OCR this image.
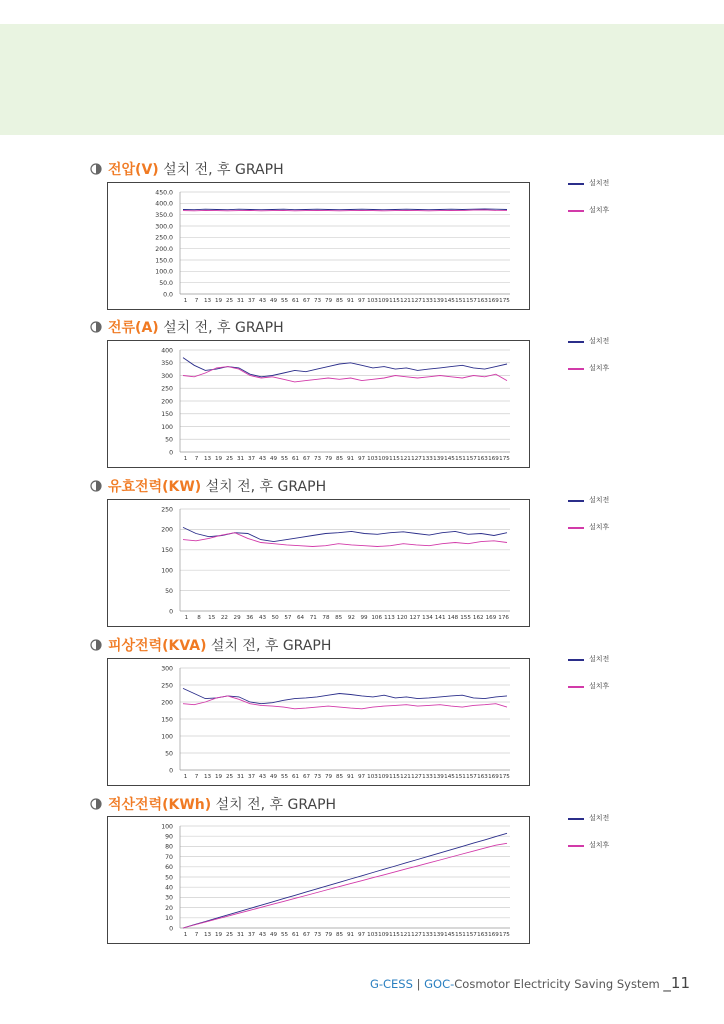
전압(V) 설치 전, 후 GRAPH
전류(A) 설치 전, 후 GRAPH
유효전력(KW) 설치 전, 후 GRAPH
피상전력(KVA) 설치 전, 후 GRAPH
적산전력(KWh) 설치 전, 후 GRAPH
0.0
50.0
100.0
150.0
200.0
250.0
300.0
350.0
400.0
450.0
1 7 13 19 25 31 37 43 49 55 61 67 73 79 85 91 97 103 109 115 121 127 133 139 145 151 157 163 169 175
0
50
100
150
200
250
300
350
400
1 7 13 19 25 31 37 43 49 55 61 67 73 79 85 91 97 103 109 115 121 127 133 139 145 151 157 163 169 175
0
50
100
150
200
250
1 8 15 22 29 36 43 50 57 64 71 78 85 92 99 106 113 120 127 134 141 148 155 162 169 176
0
50
100
150
200
250
300
1 7 13 19 25 31 37 43 49 55 61 67 73 79 85 91 97 103 109 115 121 127 133 139 145 151 157 163 169 175
0
10
20
30
40
50
60
70
80
90
100
1 7 13 19 25 31 37 43 49 55 61 67 73 79 85 91 97 103 109 115 121 127 133 139 145 151 157 163 169 175
설치전
설치후
설치전
설치후
설치전
설치후
설치전
설치후
설치전
설치후
G-CESS | GOC-Cosmotor Electricity Saving System _11
